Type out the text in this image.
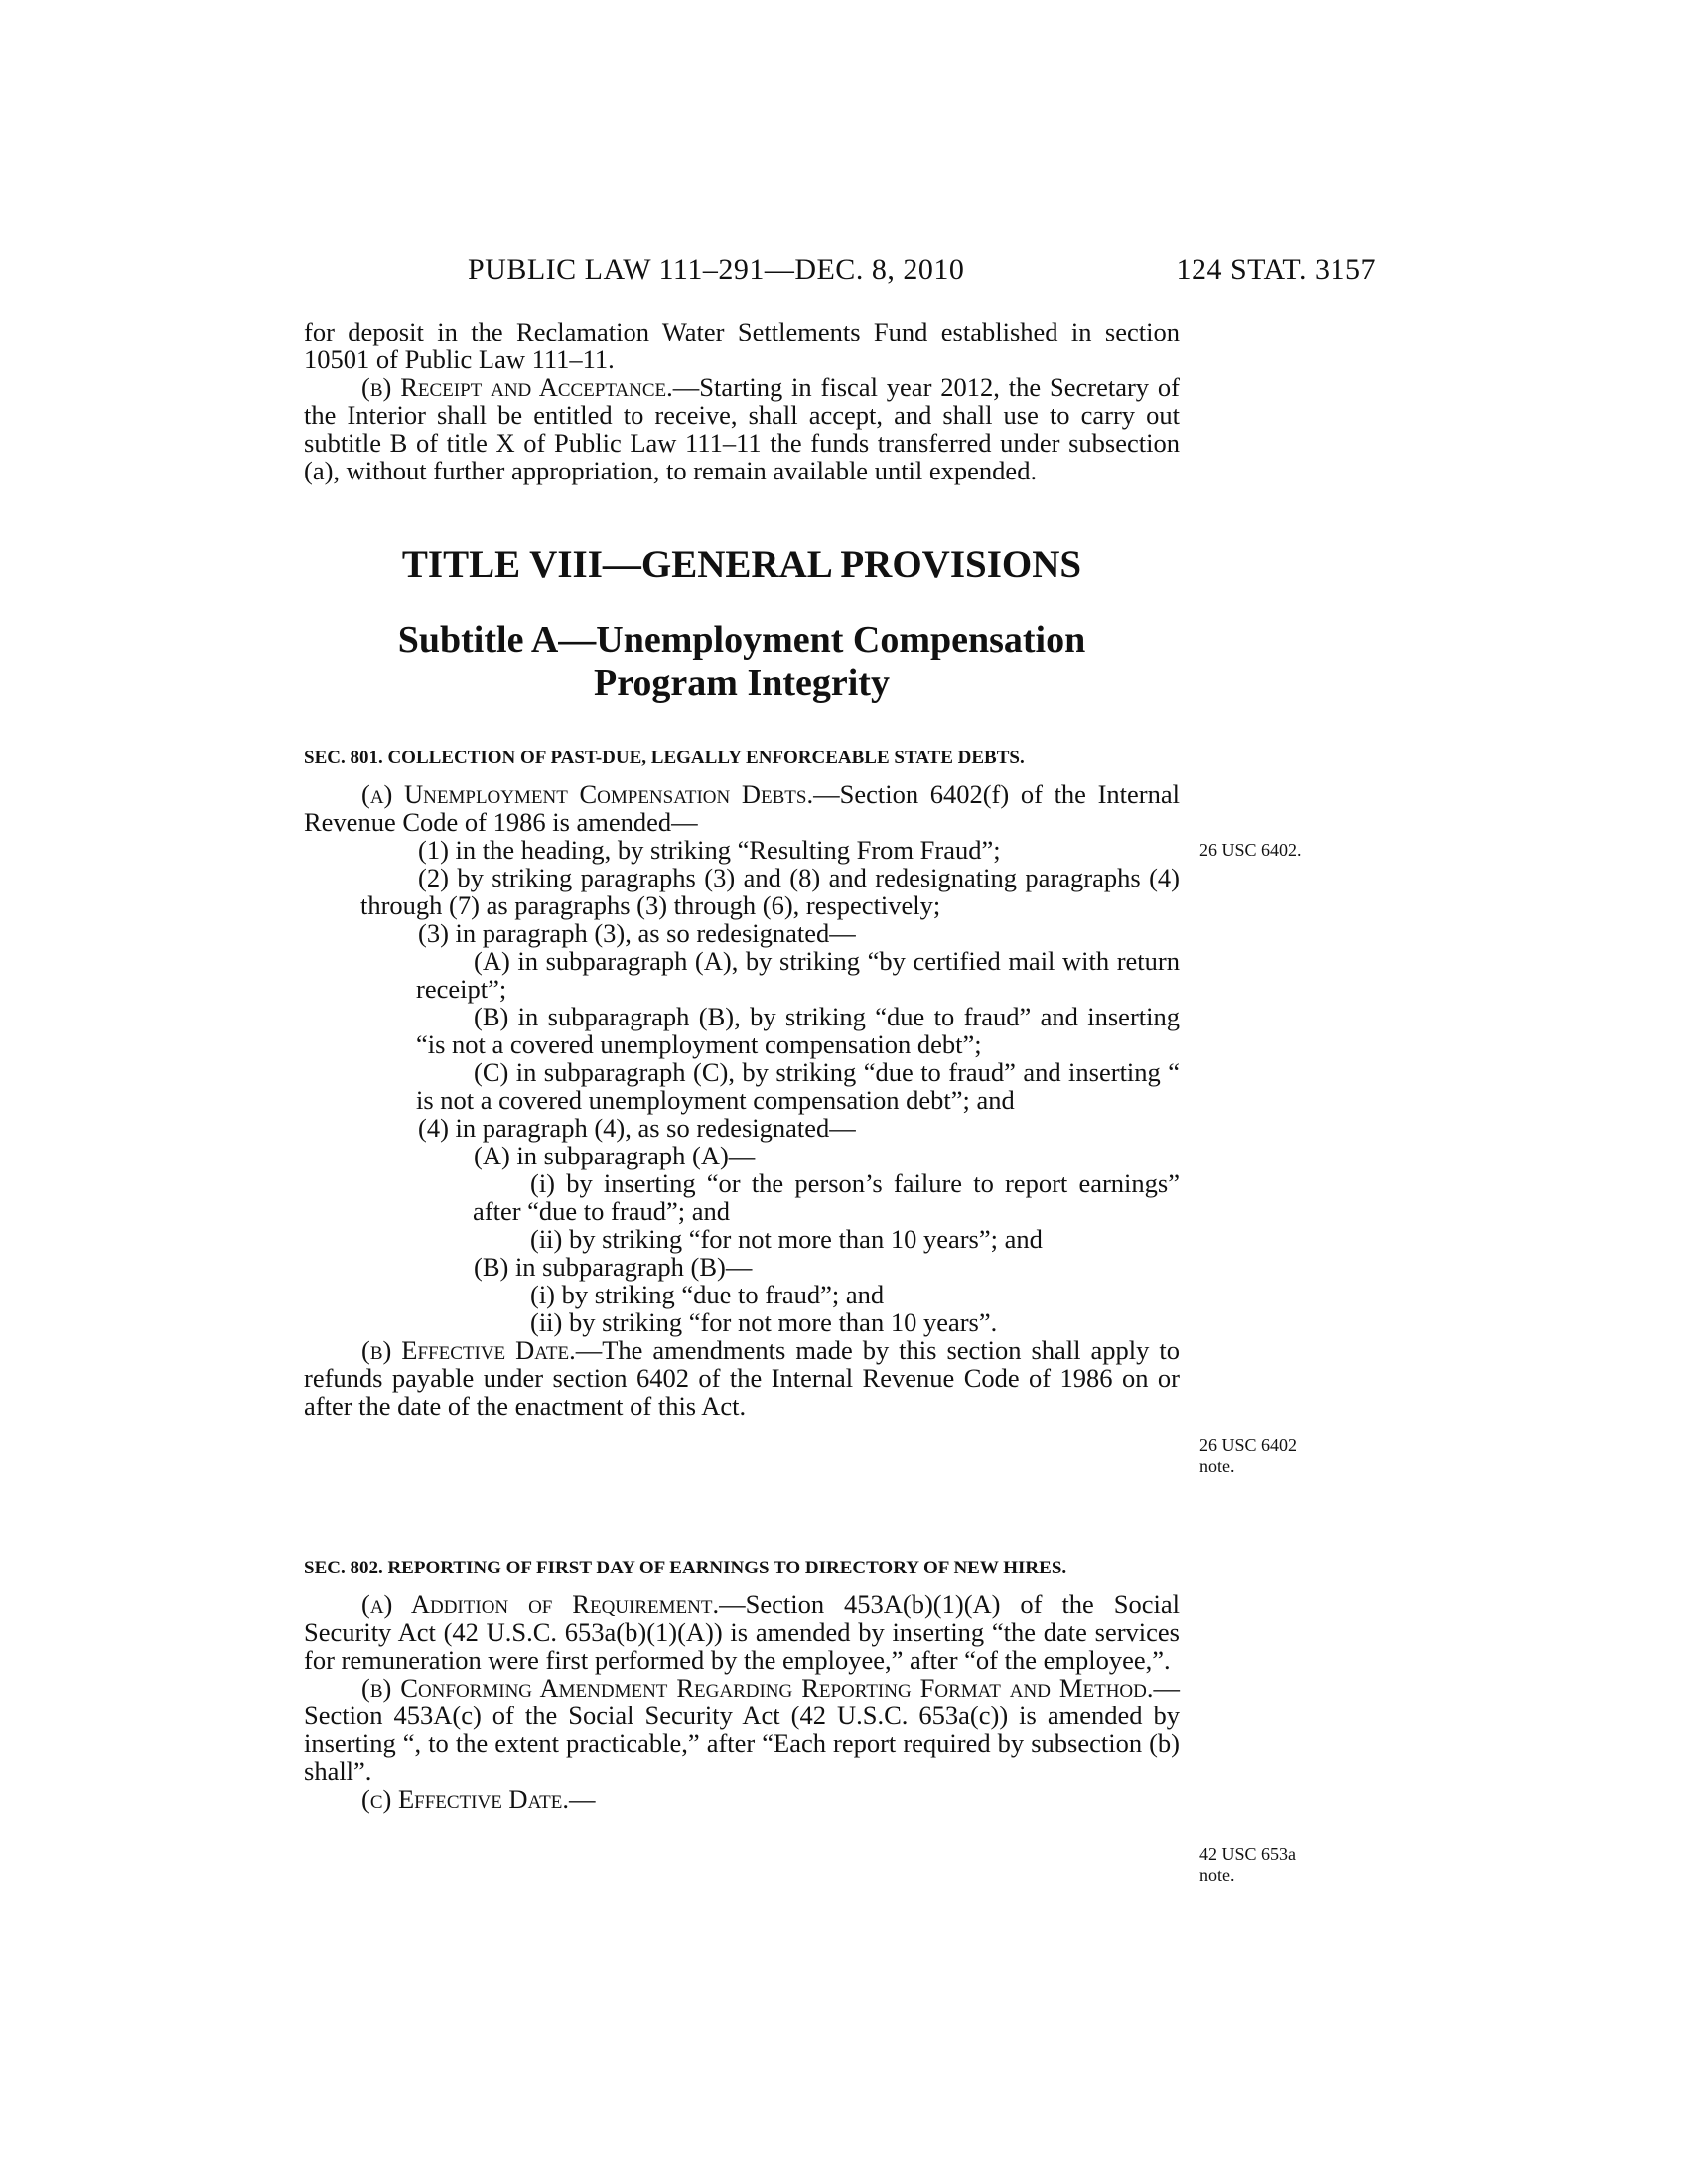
PUBLIC LAW 111–291—DEC. 8, 2010	124 STAT. 3157

for deposit in the Reclamation Water Settlements Fund established in section 10501 of Public Law 111–11.

(b) Receipt and Acceptance.—Starting in fiscal year 2012, the Secretary of the Interior shall be entitled to receive, shall accept, and shall use to carry out subtitle B of title X of Public Law 111–11 the funds transferred under subsection (a), without further appropriation, to remain available until expended.

TITLE VIII—GENERAL PROVISIONS
Subtitle A—Unemployment Compensation
Program Integrity

SEC. 801. COLLECTION OF PAST-DUE, LEGALLY ENFORCEABLE STATE DEBTS.

(a) Unemployment Compensation Debts.—Section 6402(f) of the Internal Revenue Code of 1986 is amended—

(1) in the heading, by striking “Resulting From Fraud”;

(2) by striking paragraphs (3) and (8) and redesignating paragraphs (4) through (7) as paragraphs (3) through (6), respectively;

(3) in paragraph (3), as so redesignated—

(A) in subparagraph (A), by striking “by certified mail with return receipt”;

(B) in subparagraph (B), by striking “due to fraud” and inserting “is not a covered unemployment compensation debt”;

(C) in subparagraph (C), by striking “due to fraud” and inserting “ is not a covered unemployment compensation debt”; and

(4) in paragraph (4), as so redesignated—

(A) in subparagraph (A)—

(i) by inserting “or the person’s failure to report earnings” after “due to fraud”; and

(ii) by striking “for not more than 10 years”; and

(B) in subparagraph (B)—

(i) by striking “due to fraud”; and

(ii) by striking “for not more than 10 years”.

(b) Effective Date.—The amendments made by this section shall apply to refunds payable under section 6402 of the Internal Revenue Code of 1986 on or after the date of the enactment of this Act.

SEC. 802. REPORTING OF FIRST DAY OF EARNINGS TO DIRECTORY OF NEW HIRES.

(a) Addition of Requirement.—Section 453A(b)(1)(A) of the Social Security Act (42 U.S.C. 653a(b)(1)(A)) is amended by inserting “the date services for remuneration were first performed by the employee,” after “of the employee,”.

(b) Conforming Amendment Regarding Reporting Format and Method.—Section 453A(c) of the Social Security Act (42 U.S.C. 653a(c)) is amended by inserting “, to the extent practicable,” after “Each report required by subsection (b) shall”.

(c) Effective Date.—

26 USC 6402.
26 USC 6402
note.
42 USC 653a
note.
